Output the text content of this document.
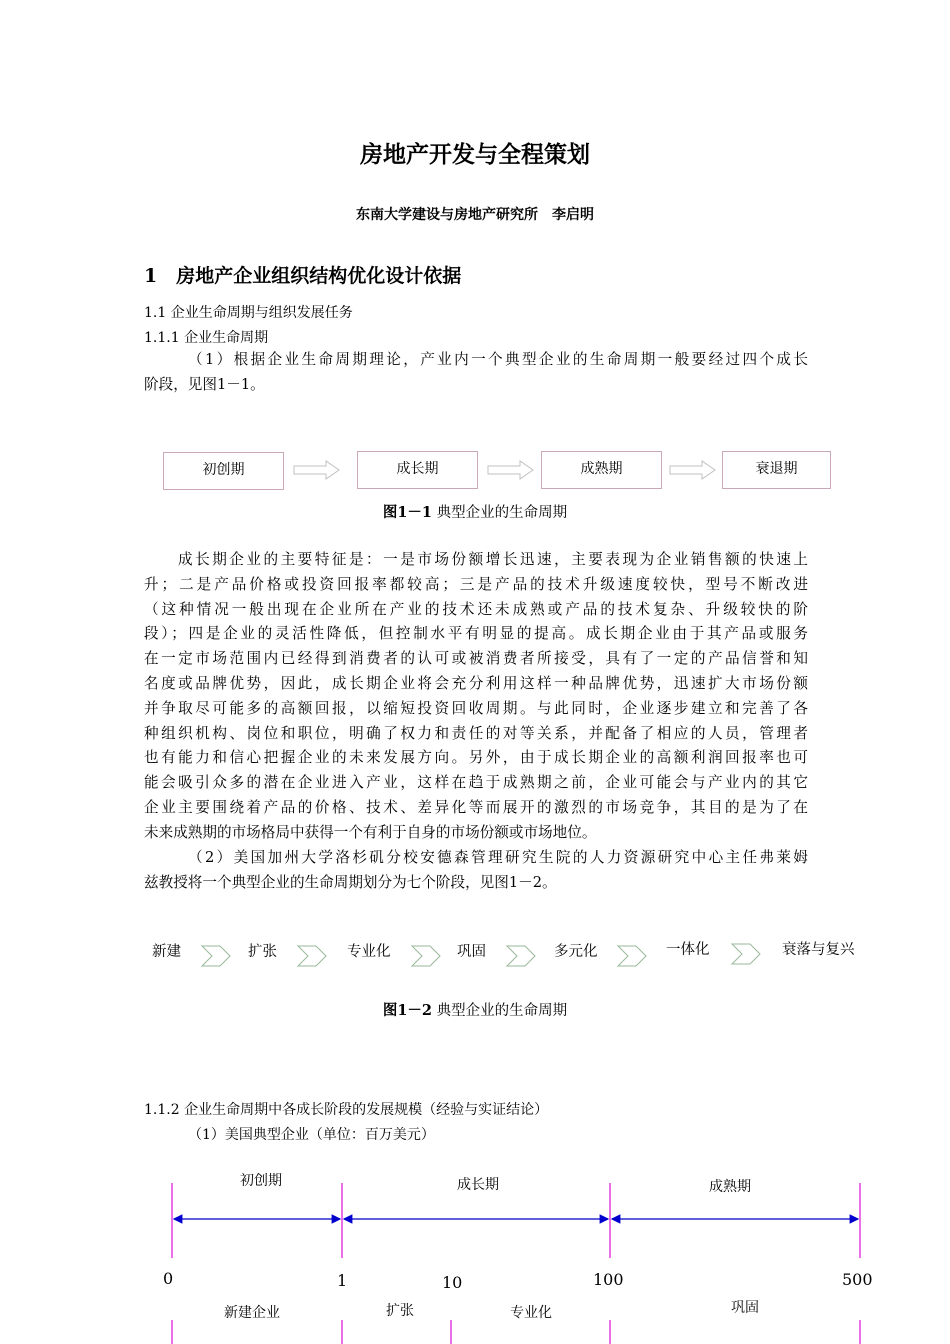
房地产开发与全程策划
东南大学建设与房地产研究所　李启明
1　房地产企业组织结构优化设计依据
1.1 企业生命周期与组织发展任务
1.1.1 企业生命周期
（1）根据企业生命周期理论，产业内一个典型企业的生命周期一般要经过四个成长
阶段，见图1－1。
初创期	成长期	成熟期	衰退期
图1－1 典型企业的生命周期
成长期企业的主要特征是：一是市场份额增长迅速，主要表现为企业销售额的快速上
升；二是产品价格或投资回报率都较高；三是产品的技术升级速度较快，型号不断改进
（这种情况一般出现在企业所在产业的技术还未成熟或产品的技术复杂、升级较快的阶
段）；四是企业的灵活性降低，但控制水平有明显的提高。成长期企业由于其产品或服务
在一定市场范围内已经得到消费者的认可或被消费者所接受，具有了一定的产品信誉和知
名度或品牌优势，因此，成长期企业将会充分利用这样一种品牌优势，迅速扩大市场份额
并争取尽可能多的高额回报，以缩短投资回收周期。与此同时，企业逐步建立和完善了各
种组织机构、岗位和职位，明确了权力和责任的对等关系，并配备了相应的人员，管理者
也有能力和信心把握企业的未来发展方向。另外，由于成长期企业的高额利润回报率也可
能会吸引众多的潜在企业进入产业，这样在趋于成熟期之前，企业可能会与产业内的其它
企业主要围绕着产品的价格、技术、差异化等而展开的激烈的市场竞争，其目的是为了在
未来成熟期的市场格局中获得一个有利于自身的市场份额或市场地位。
（2）美国加州大学洛杉矶分校安德森管理研究生院的人力资源研究中心主任弗莱姆
兹教授将一个典型企业的生命周期划分为七个阶段，见图1－2。
新建	扩张	专业化	巩固	多元化	一体化	衰落与复兴
图1－2 典型企业的生命周期
1.1.2 企业生命周期中各成长阶段的发展规模（经验与实证结论）
（1）美国典型企业（单位：百万美元）
初创期	成长期	成熟期
0	1	10	100	500
新建企业	扩张	专业化	巩固
